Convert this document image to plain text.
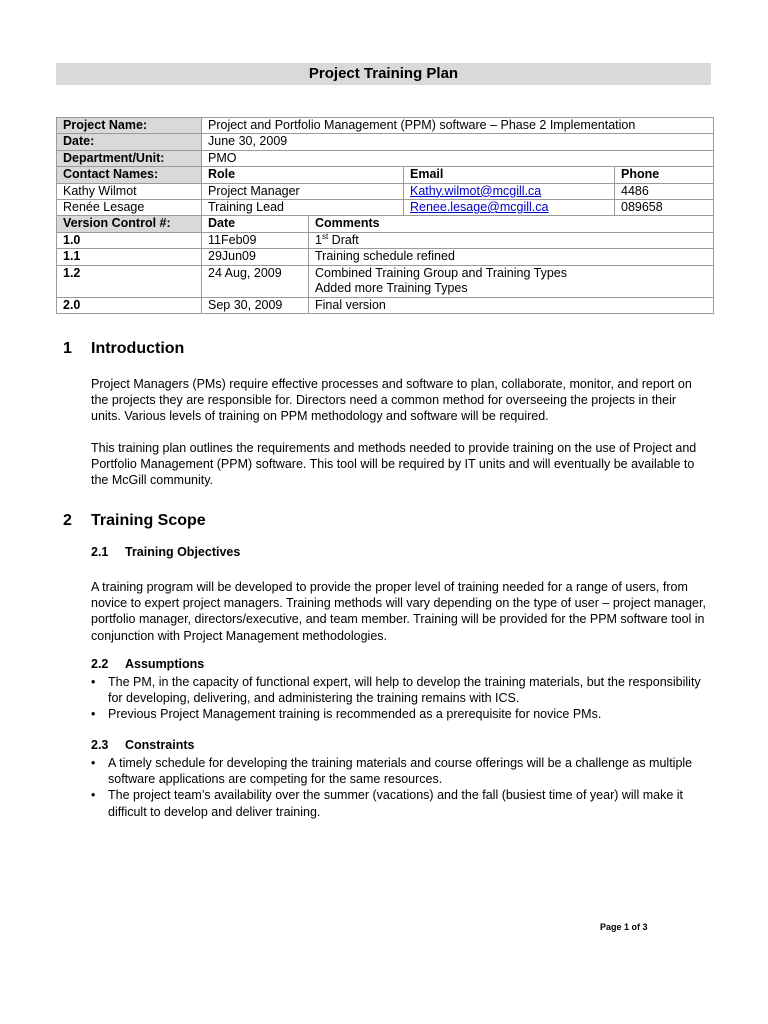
Project Training Plan
Project Name:	Project and Portfolio Management (PPM) software – Phase 2 Implementation			
Date:	June 30, 2009			
Department/Unit:	PMO			
Contact Names:	Role		Email	Phone
Kathy Wilmot	Project Manager		Kathy.wilmot@mcgill.ca	4486
Renée Lesage	Training Lead		Renee.lesage@mcgill.ca	089658
Version Control #:	Date	Comments		
1.0	11Feb09	1st Draft		
1.1	29Jun09	Training schedule refined		
1.2	24 Aug, 2009	Combined Training Group and Training Types
Added more Training Types		

2.0	Sep 30, 2009	Final version		
1 Introduction

Project Managers (PMs) require effective processes and software to plan, collaborate, monitor, and report on the projects they are responsible for. Directors need a common method for overseeing the projects in their units. Various levels of training on PPM methodology and software will be required.

This training plan outlines the requirements and methods needed to provide training on the use of Project and Portfolio Management (PPM) software. This tool will be required by IT units and will eventually be available to the McGill community.

2 Training Scope
2.1 Training Objectives

A training program will be developed to provide the proper level of training needed for a range of users, from novice to expert project managers. Training methods will vary depending on the type of user – project manager, portfolio manager, directors/executive, and team member. Training will be provided for the PPM software tool in conjunction with Project Management methodologies.

2.2 Assumptions
• The PM, in the capacity of functional expert, will help to develop the training materials, but the responsibility for developing, delivering, and administering the training remains with ICS.
• Previous Project Management training is recommended as a prerequisite for novice PMs.
2.3 Constraints
• A timely schedule for developing the training materials and course offerings will be a challenge as multiple software applications are competing for the same resources.
• The project team’s availability over the summer (vacations) and the fall (busiest time of year) will make it difficult to develop and deliver training.
Page 1 of 3
